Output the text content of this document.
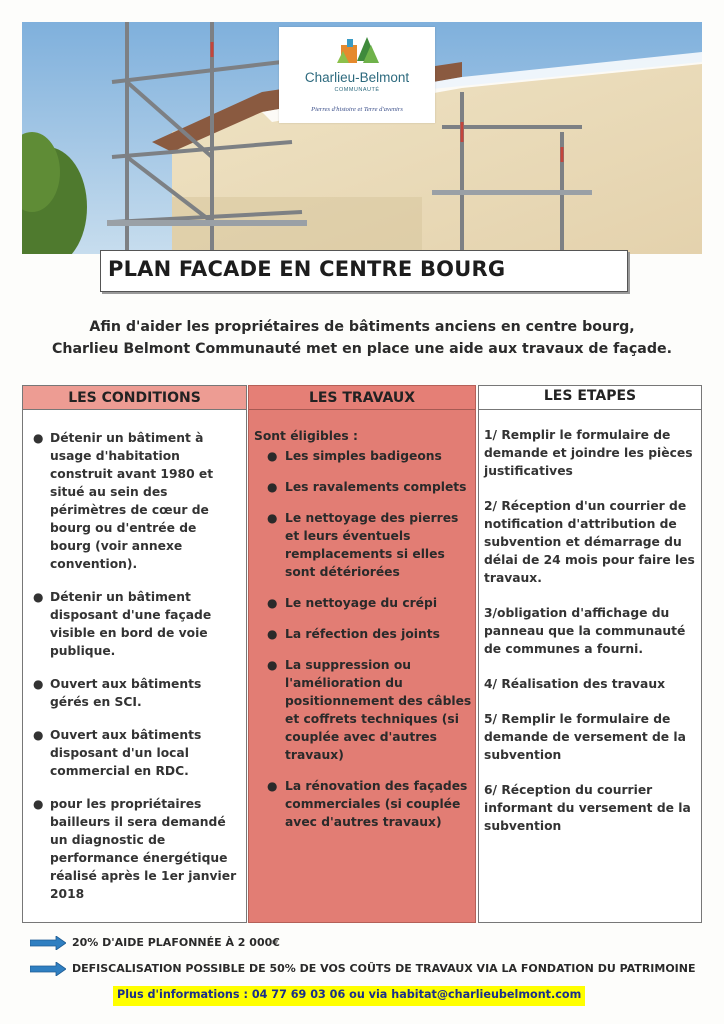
Charlieu-Belmont
COMMUNAUTÉ
Pierres d'histoire et Terre d'avenirs
PLAN FACADE EN CENTRE BOURG
Afin d'aider les propriétaires de bâtiments anciens en centre bourg,
Charlieu Belmont Communauté met en place une aide aux travaux de façade.
LES CONDITIONS
● Détenir un bâtiment à usage d'habitation construit avant 1980 et situé au sein des périmètres de cœur de bourg ou d'entrée de bourg (voir annexe convention).
● Détenir un bâtiment disposant d'une façade visible en bord de voie publique.
● Ouvert aux bâtiments gérés en SCI.
● Ouvert aux bâtiments disposant d'un local commercial en RDC.
● pour les propriétaires bailleurs il sera demandé un diagnostic de performance énergétique réalisé après le 1er janvier 2018
LES TRAVAUX
Sont éligibles :
● Les simples badigeons
● Les ravalements complets
● Le nettoyage des pierres et leurs éventuels remplacements si elles sont détériorées
● Le nettoyage du crépi
● La réfection des joints
● La suppression ou l'amélioration du positionnement des câbles et coffrets techniques (si couplée avec d'autres travaux)
● La rénovation des façades commerciales (si couplée avec d'autres travaux)
LES ETAPES

1/ Remplir le formulaire de demande et joindre les pièces justificatives

2/ Réception d'un courrier de notification d'attribution de subvention et démarrage du délai de 24 mois pour faire les travaux.

3/obligation d'affichage du panneau que la communauté de communes a fourni.

4/ Réalisation des travaux

5/ Remplir le formulaire de demande de versement de la subvention

6/ Réception du courrier informant du versement de la subvention

20% D'AIDE PLAFONNÉE À 2 000€
DEFISCALISATION POSSIBLE DE 50% DE VOS COÛTS DE TRAVAUX VIA LA FONDATION DU PATRIMOINE
Plus d'informations : 04 77 69 03 06 ou via habitat@charlieubelmont.com
